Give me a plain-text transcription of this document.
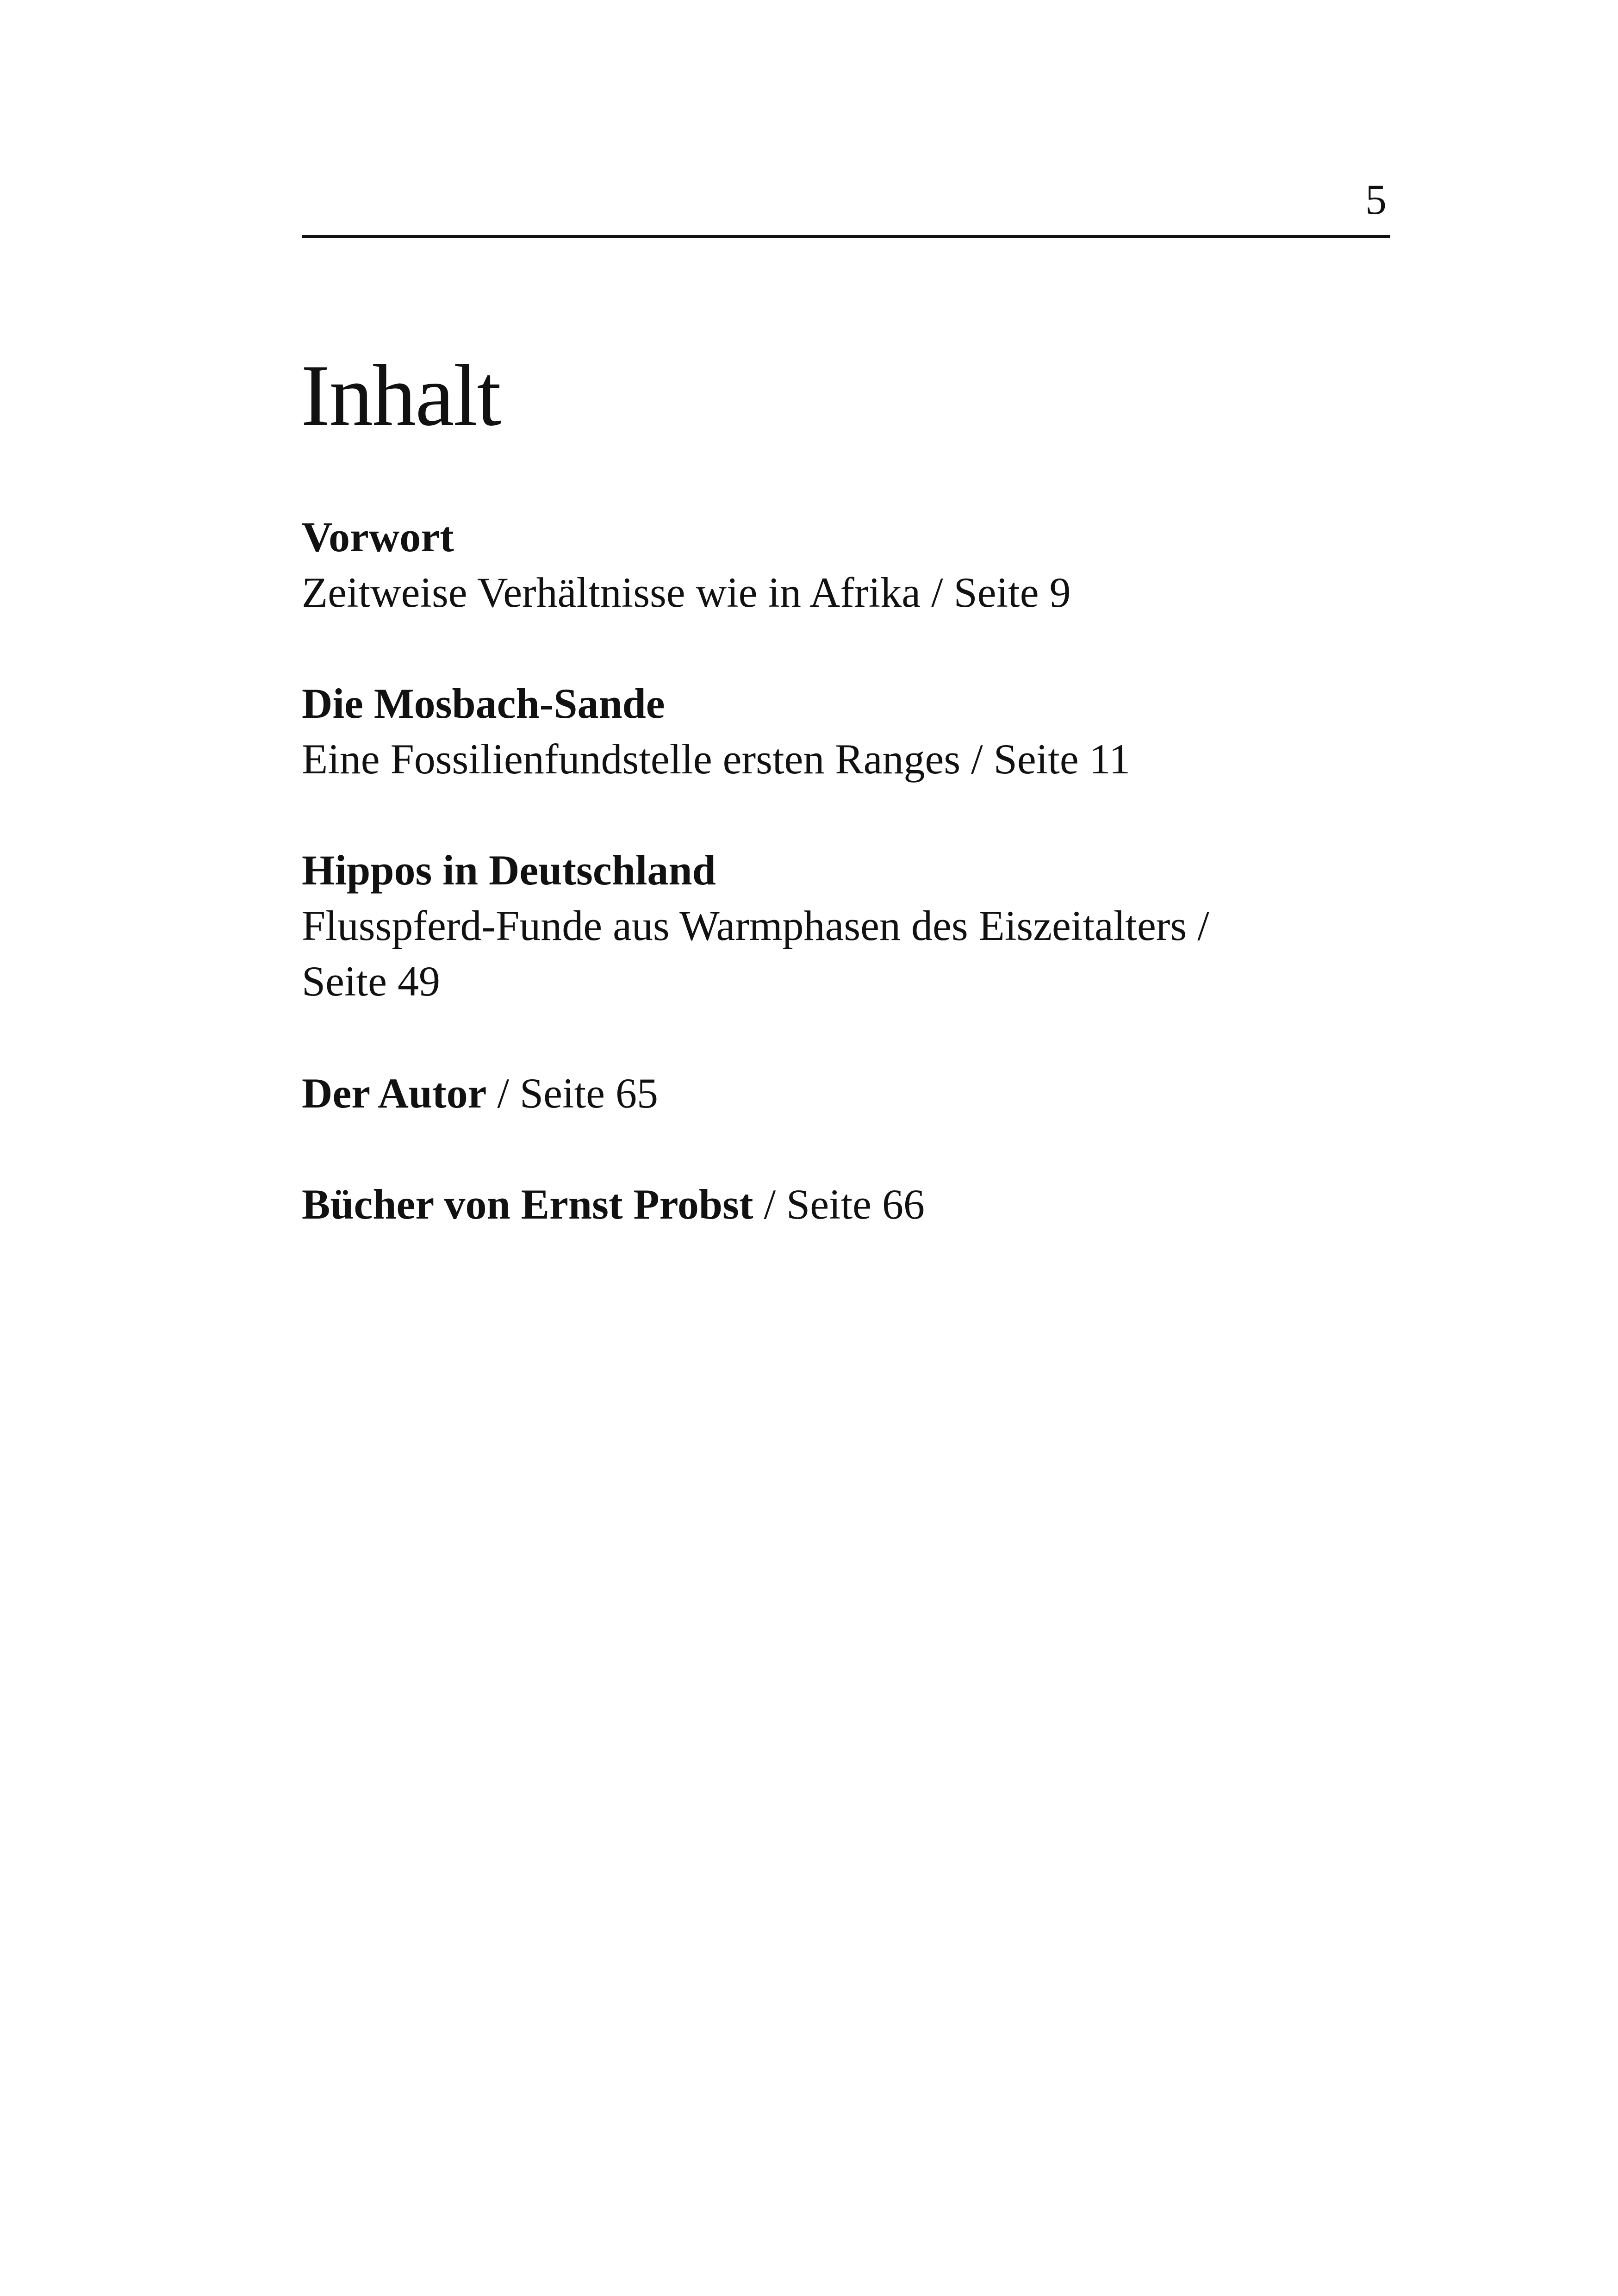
5
Inhalt
Vorwort
Zeitweise Verhältnisse wie in Afrika / Seite 9
Die Mosbach-Sande
Eine Fossilienfundstelle ersten Ranges / Seite 11
Hippos in Deutschland
Flusspferd-Funde aus Warmphasen des Eiszeitalters /
Seite 49
Der Autor / Seite 65
Bücher von Ernst Probst / Seite 66
